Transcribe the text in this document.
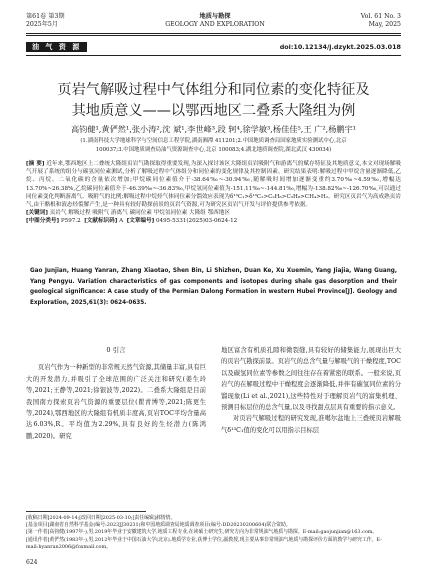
第61卷 第3期
2025年5月
地质与勘探
GEOLOGY AND EXPLORATION
Vol. 61 No. 3
May, 2025
油 气 资 源	doi:10.12134/j.dzykt.2025.03.018
页岩气解吸过程中气体组分和同位素的变化特征及
其地质意义——以鄂西地区二叠系大隆组为例
高钧健¹,黄俨然¹,张小涛²,沈 斌¹,李世峰³,段 轲⁴,徐学敏³,杨佳佳⁵,王 广²,杨鹏宇¹
(1.湖南科技大学地球科学与空间信息工程学院,湖南湘潭 411201;2.中国地质调查局国家地质实验测试中心,北京
100037;3.中国地质调查局油气资源调查中心,北京 100083;4.湖北地质调查院,湖北武汉 430034)
[摘 要] 近年来,鄂西地区上二叠统大隆组页岩气勘探取得重要发现,为深入探讨该区大隆组页岩吸附气和游离气的赋存特征及其地质意义,本文对现场解吸气开展了系统的组分与碳氢同位素测试,分析了解吸过程中气体组分和同位素的变化规律及其控制因素。研究结果表明:解吸过程中甲烷含量逐渐降低,乙烷、丙烷、二氧化碳的含量依次增加;甲烷碳同位素值介于-38.64‰~-30.94‰,随解吸时间增加逐渐变重约3.70‰~4.59‰,增幅达13.70%~26.38%,乙烷碳同位素值介于-46.39‰~-36.83‰,甲烷氢同位素值为-151.11‰~-144.81‰,增幅为-138.82‰~-126.70‰,可以通过同位素变化判断游离气、吸附气的比例;解吸过程中烷烃气体同位素分馏效应表现为δ¹³C₁>δ¹³C₂>C₂H₆>C₃H₈>CH₄>H₂。研究区页岩气为高成熟页岩气,由干酪根和液态烃裂解产生,是一种具有较好勘探前景的页岩气资源,可为研究区页岩气开发与评价提供参考依据。
[关键词] 页岩气 解吸过程 吸附气 游离气 碳同位素 甲烷氢同位素 大隆组 鄂西地区
[中图分类号] P597.2 [文献标识码] A [文章编号] 0495-5331(2025)03-0624-12
Gao Junjian, Huang Yanran, Zhang Xiaotao, Shen Bin, Li Shizhen, Duan Ke, Xu Xuemin, Yang Jiajia, Wang Guang, Yang Pengyu. Variation characteristics of gas components and isotopes during shale gas desorption and their geological significance: A case study of the Permian Dalong Formation in western Hubei Province[J]. Geology and Exploration, 2025,61(3): 0624-0635.
0 引言

页岩气作为一种新型的非常规天然气资源,其储量丰富,具有巨大的开发潜力,并吸引了全球范围的广泛关注和研究(姜生玲等,2021;王静等,2021;徐银波等,2022)。二叠系大隆组是目前我国南方探索页岩气资源的重要层位(瞿青博等,2021;陈更生等,2024),鄂西地区的大隆组有机质丰度高,页岩TOC平均含量高达6.03%,R。平均值为2.29%,具有良好的生烃潜力(陈鸿鹏,2020)。研究

地区富含有机质孔隙和微裂缝,具有较好的储集能力,展现出巨大的页岩气勘探前景。页岩气的总含气量与解吸气的干燥程度,TOC以及碳氢同位素等参数之间往往存在着紧密的联系。一般来说,页岩气的在解吸过程中干燥程度会逐渐降低,并伴有碳氢同位素的分馏现象(Li et al.,2021),这些特性对于理解页岩气的富集机理、预测目标层位的总含气量,以及寻找甜点层具有重要的指示意义。

对页岩气解吸过程的研究发现,准噶尔盆地上三叠统页岩解吸气δ¹³C₁值的变化可以用指示目标层

[收稿日期]2024-09-14;[改回日期]2025-03-10;[责任编辑]郝情情。
[基金项目]湖南省自然科学基金(编号:2023JJ30231)和中国地质调查局地质调查项目(编号:DD20230200604)联合资助。
[第一作者]高钧健(1997年-),男,2019年毕业于安徽建筑大学,地质工程专业,在读硕士研究生,研究方向为非常规油气地质与勘探。E-mail:gaojunjian@163.com。
[通讯作者]黄俨然(1983年-),男,2012年毕业于中国石油大学(北京),地质学专业,获博士学位,副教授,现主要从事非常规油气地质与勘探评价方面的教学与研究工作。E-mail:hyanran2006@foxmail.com。
624
